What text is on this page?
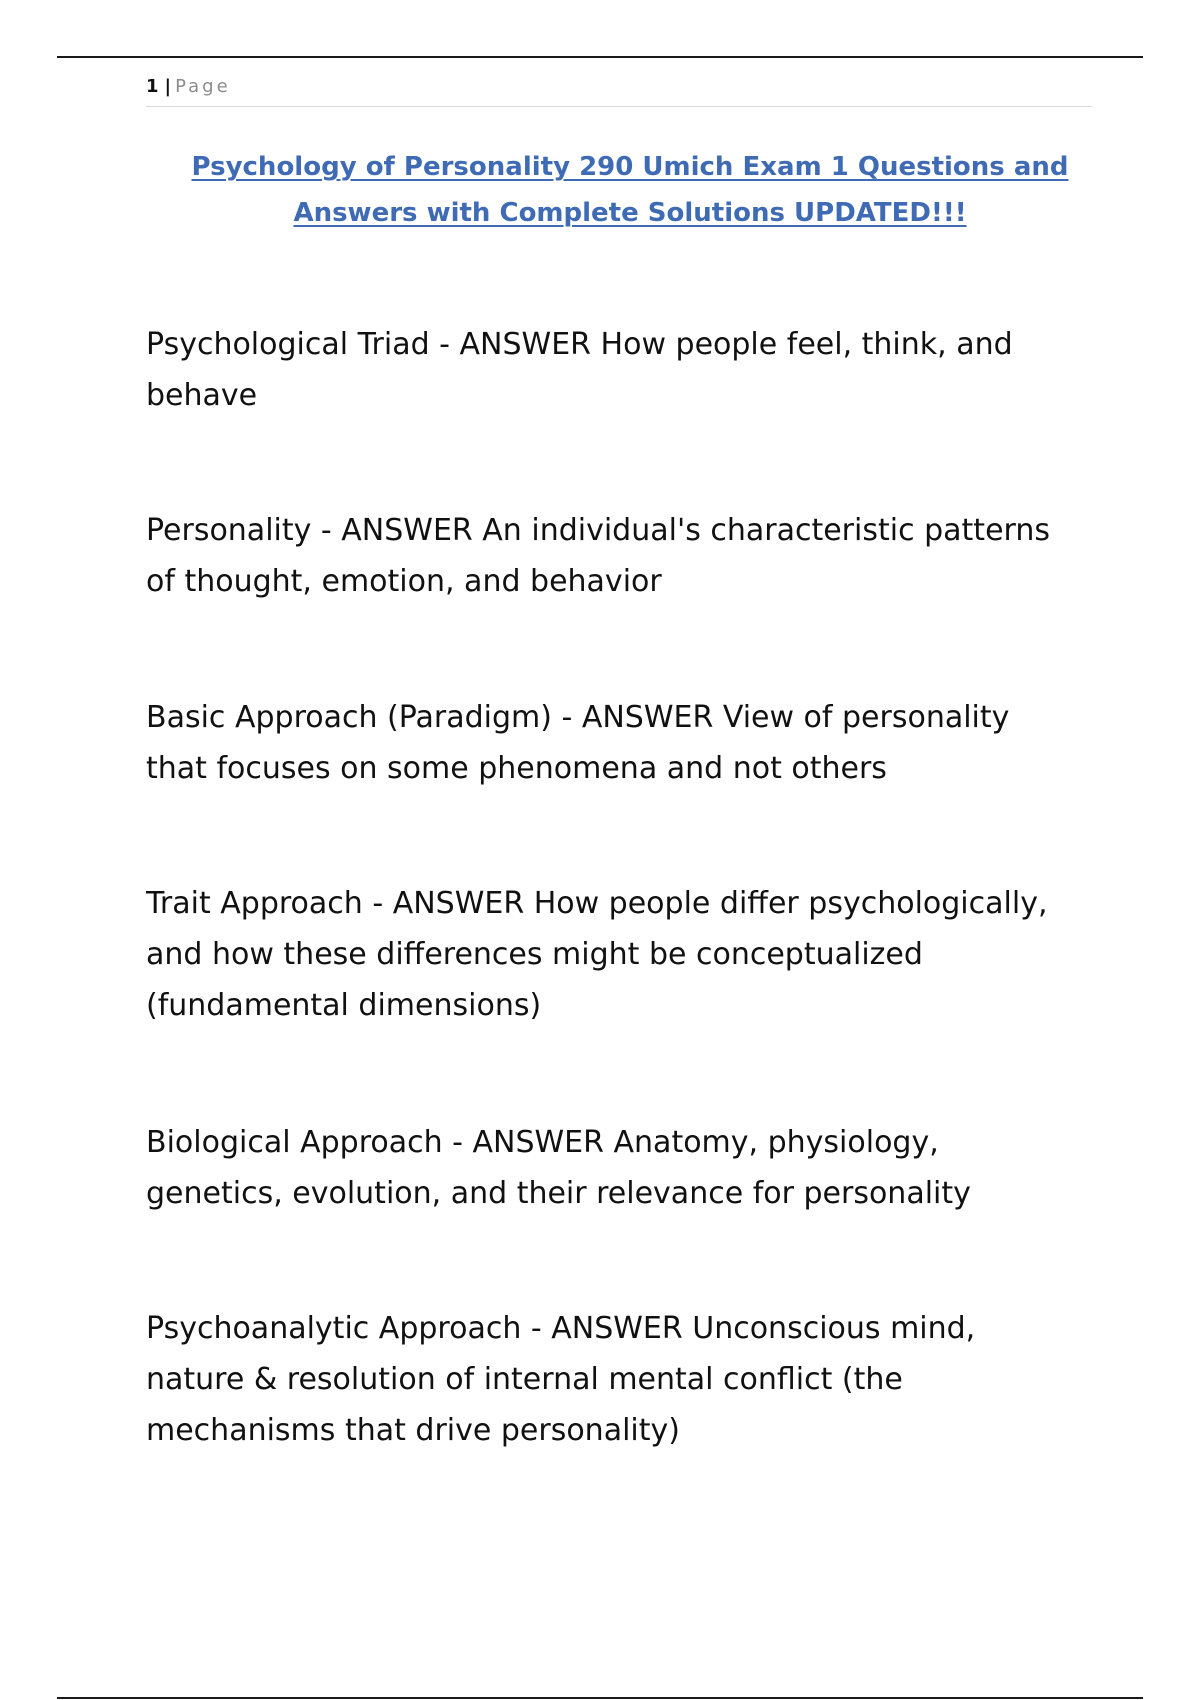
1 | Page
Psychology of Personality 290 Umich Exam 1 Questions and Answers with Complete Solutions UPDATED!!!

Psychological Triad - ANSWER How people feel, think, and behave

Personality - ANSWER An individual's characteristic patterns of thought, emotion, and behavior

Basic Approach (Paradigm) - ANSWER View of personality that focuses on some phenomena and not others

Trait Approach - ANSWER How people differ psychologically, and how these differences might be conceptualized (fundamental dimensions)

Biological Approach - ANSWER Anatomy, physiology, genetics, evolution, and their relevance for personality

Psychoanalytic Approach - ANSWER Unconscious mind, nature & resolution of internal mental conflict (the mechanisms that drive personality)
